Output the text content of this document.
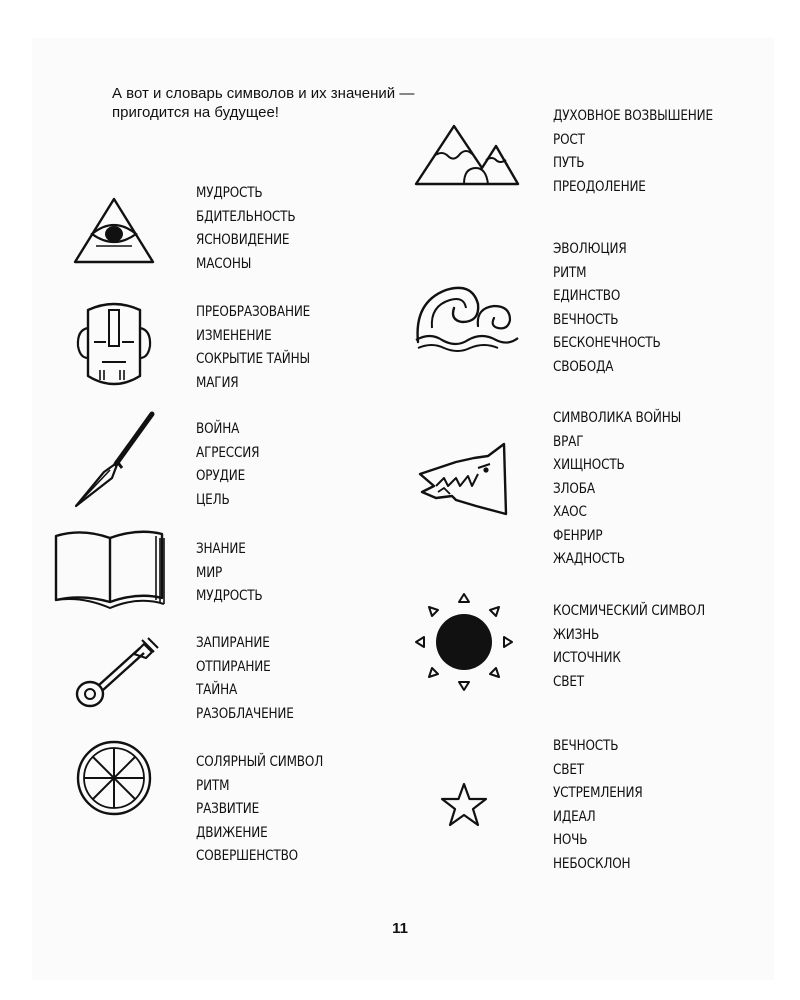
А вот и словарь символов и их значений —
пригодится на будущее!
МУДРОСТЬ
БДИТЕЛЬНОСТЬ
ЯСНОВИДЕНИЕ
МАСОНЫ
ПРЕОБРАЗОВАНИЕ
ИЗМЕНЕНИЕ
СОКРЫТИЕ ТАЙНЫ
МАГИЯ
ВОЙНА
АГРЕССИЯ
ОРУДИЕ
ЦЕЛЬ
ЗНАНИЕ
МИР
МУДРОСТЬ
ЗАПИРАНИЕ
ОТПИРАНИЕ
ТАЙНА
РАЗОБЛАЧЕНИЕ
СОЛЯРНЫЙ СИМВОЛ
РИТМ
РАЗВИТИЕ
ДВИЖЕНИЕ
СОВЕРШЕНСТВО
ДУХОВНОЕ ВОЗВЫШЕНИЕ
РОСТ
ПУТЬ
ПРЕОДОЛЕНИЕ
ЭВОЛЮЦИЯ
РИТМ
ЕДИНСТВО
ВЕЧНОСТЬ
БЕСКОНЕЧНОСТЬ
СВОБОДА
СИМВОЛИКА ВОЙНЫ
ВРАГ
ХИЩНОСТЬ
ЗЛОБА
ХАОС
ФЕНРИР
ЖАДНОСТЬ
КОСМИЧЕСКИЙ СИМВОЛ
ЖИЗНЬ
ИСТОЧНИК
СВЕТ
ВЕЧНОСТЬ
СВЕТ
УСТРЕМЛЕНИЯ
ИДЕАЛ
НОЧЬ
НЕБОСКЛОН
11
